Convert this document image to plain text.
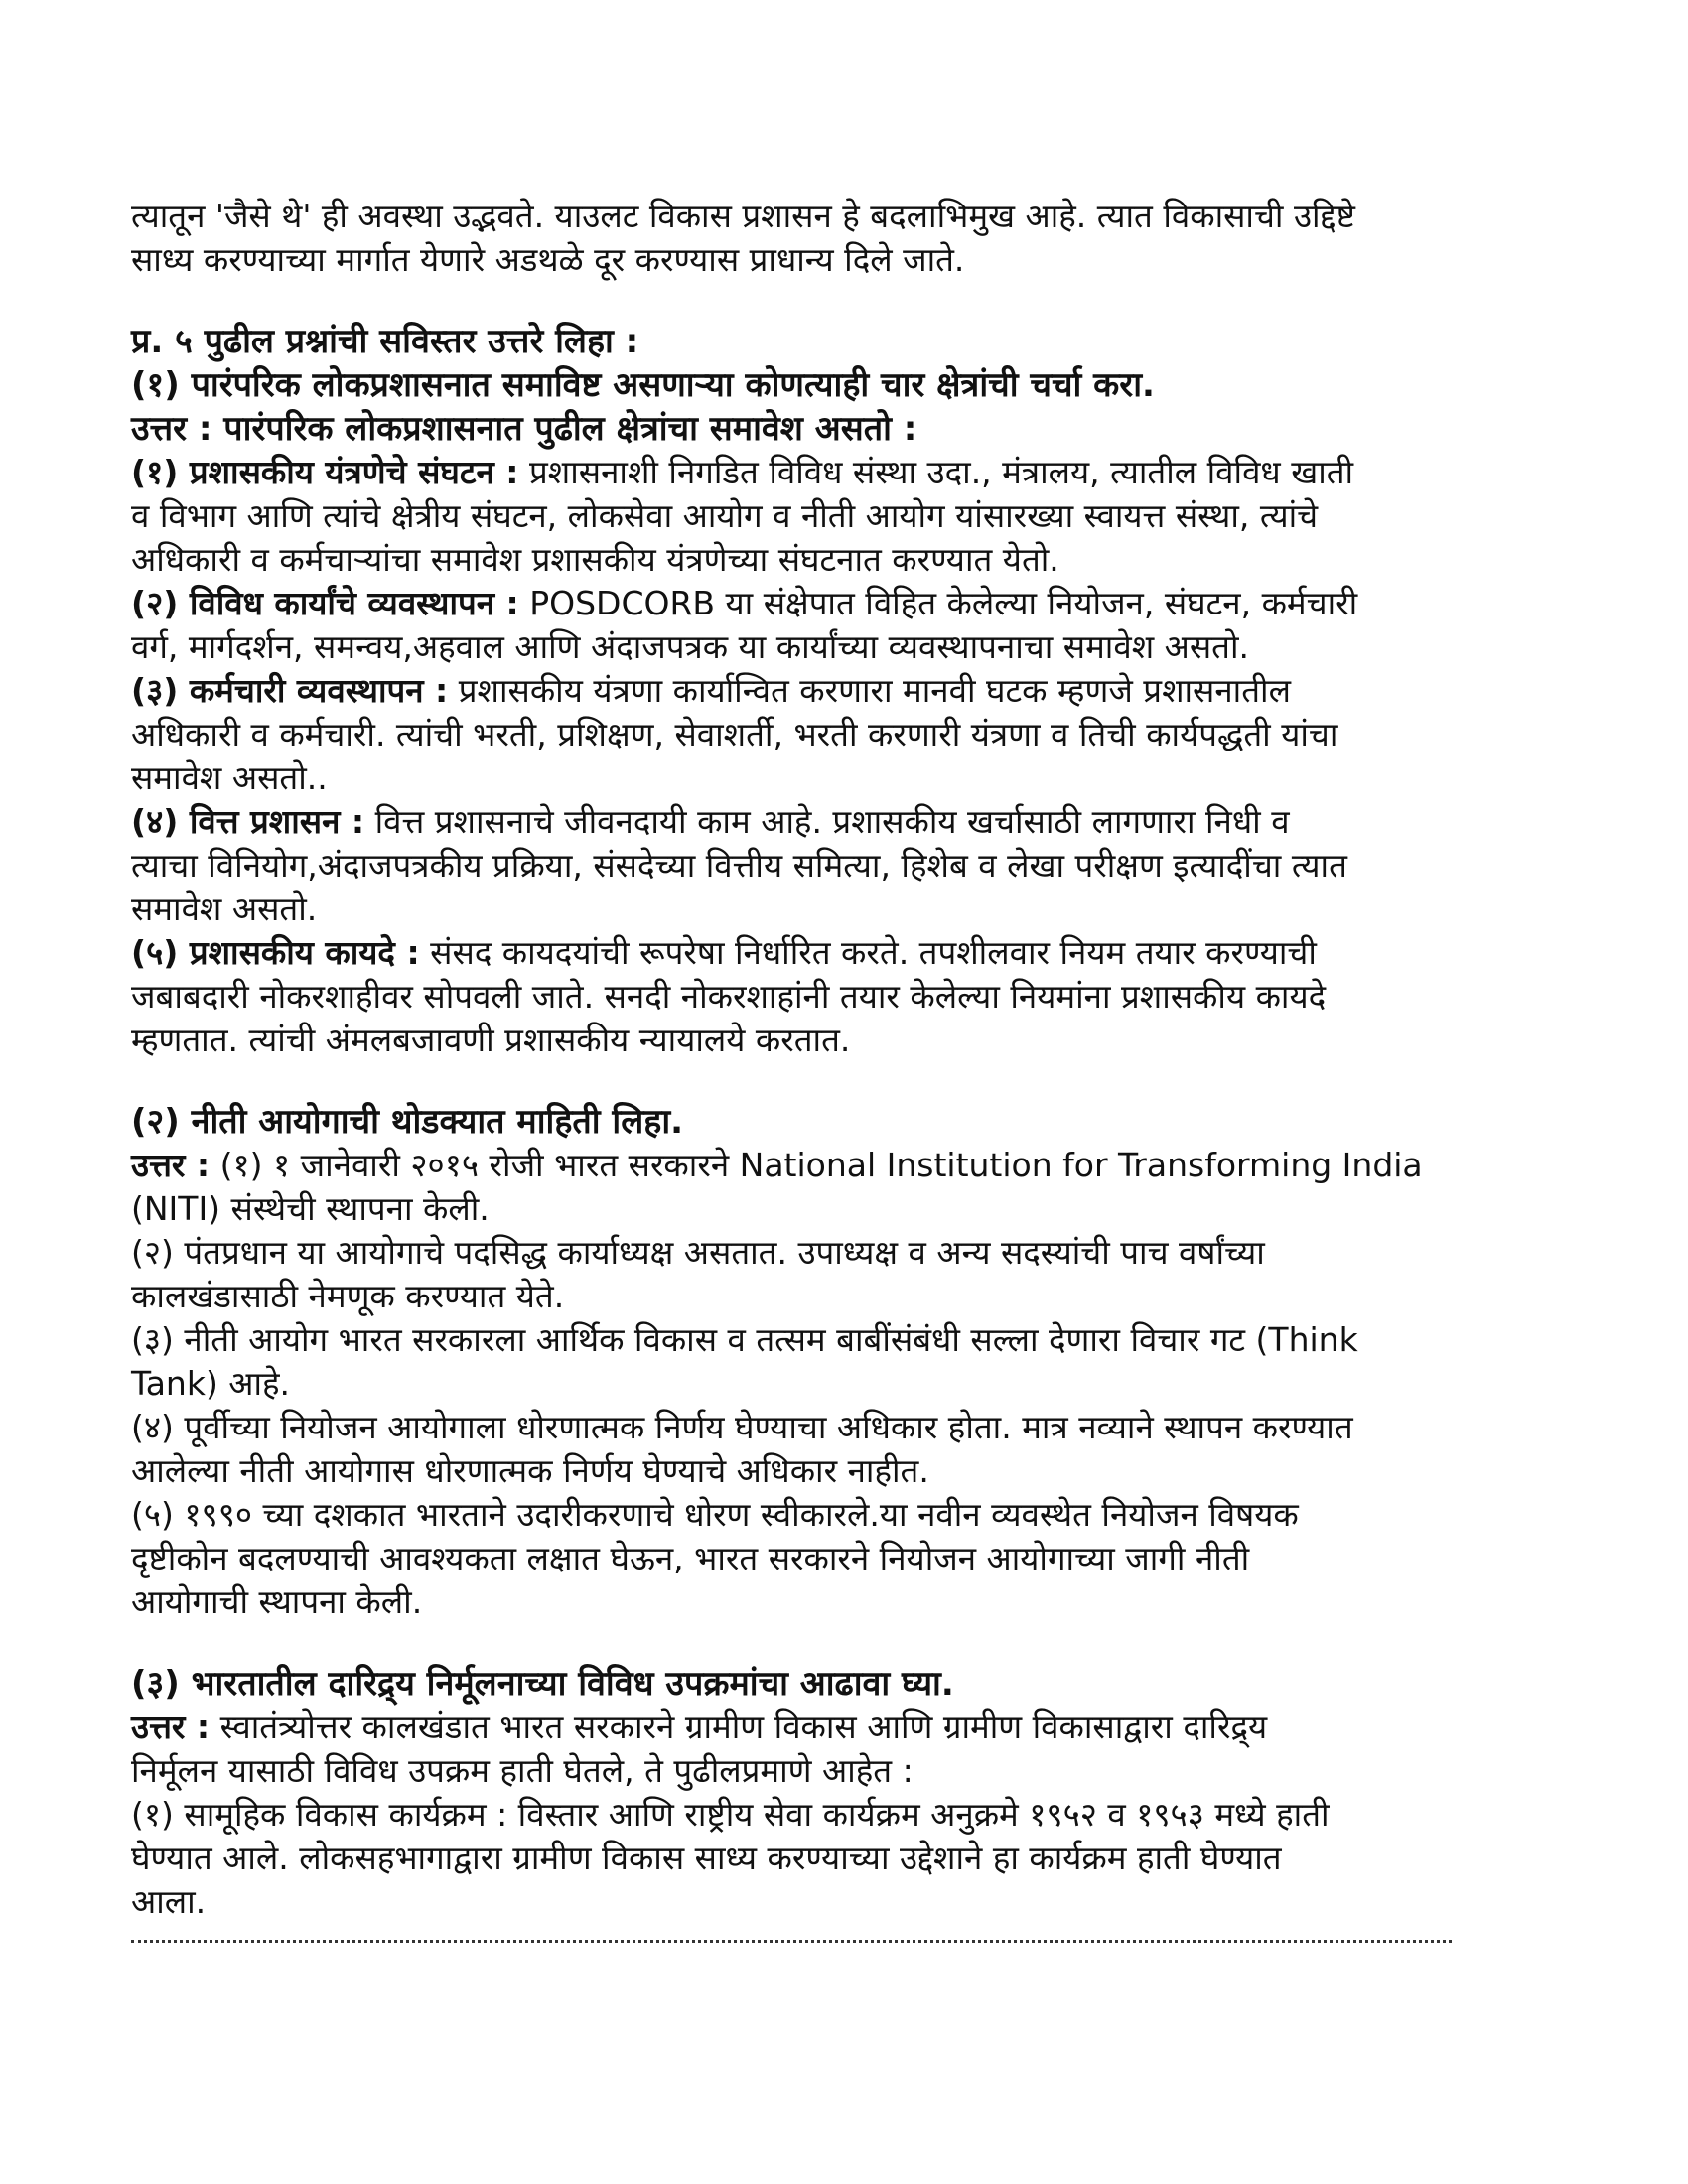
त्यातून 'जैसे थे' ही अवस्था उद्भवते. याउलट विकास प्रशासन हे बदलाभिमुख आहे. त्यात विकासाची उद्दिष्टे

साध्य करण्याच्या मार्गात येणारे अडथळे दूर करण्यास प्राधान्य दिले जाते.

प्र. ५ पुढील प्रश्नांची सविस्तर उत्तरे लिहा :

(१) पारंपरिक लोकप्रशासनात समाविष्ट असणाऱ्या कोणत्याही चार क्षेत्रांची चर्चा करा.

उत्तर : पारंपरिक लोकप्रशासनात पुढील क्षेत्रांचा समावेश असतो :

(१) प्रशासकीय यंत्रणेचे संघटन : प्रशासनाशी निगडित विविध संस्था उदा., मंत्रालय, त्यातील विविध खाती

व विभाग आणि त्यांचे क्षेत्रीय संघटन, लोकसेवा आयोग व नीती आयोग यांसारख्या स्वायत्त संस्था, त्यांचे

अधिकारी व कर्मचाऱ्यांचा समावेश प्रशासकीय यंत्रणेच्या संघटनात करण्यात येतो.

(२) विविध कार्यांचे व्यवस्थापन : POSDCORB या संक्षेपात विहित केलेल्या नियोजन, संघटन, कर्मचारी

वर्ग, मार्गदर्शन, समन्वय,अहवाल आणि अंदाजपत्रक या कार्यांच्या व्यवस्थापनाचा समावेश असतो.

(३) कर्मचारी व्यवस्थापन : प्रशासकीय यंत्रणा कार्यान्वित करणारा मानवी घटक म्हणजे प्रशासनातील

अधिकारी व कर्मचारी. त्यांची भरती, प्रशिक्षण, सेवाशर्ती, भरती करणारी यंत्रणा व तिची कार्यपद्धती यांचा

समावेश असतो..

(४) वित्त प्रशासन : वित्त प्रशासनाचे जीवनदायी काम आहे. प्रशासकीय खर्चासाठी लागणारा निधी व

त्याचा विनियोग,अंदाजपत्रकीय प्रक्रिया, संसदेच्या वित्तीय समित्या, हिशेब व लेखा परीक्षण इत्यादींचा त्यात

समावेश असतो.

(५) प्रशासकीय कायदे : संसद कायदयांची रूपरेषा निर्धारित करते. तपशीलवार नियम तयार करण्याची

जबाबदारी नोकरशाहीवर सोपवली जाते. सनदी नोकरशाहांनी तयार केलेल्या नियमांना प्रशासकीय कायदे

म्हणतात. त्यांची अंमलबजावणी प्रशासकीय न्यायालये करतात.

(२) नीती आयोगाची थोडक्यात माहिती लिहा.

उत्तर : (१) १ जानेवारी २०१५ रोजी भारत सरकारने National Institution for Transforming India

(NITI) संस्थेची स्थापना केली.

(२) पंतप्रधान या आयोगाचे पदसिद्ध कार्याध्यक्ष असतात. उपाध्यक्ष व अन्य सदस्यांची पाच वर्षांच्या

कालखंडासाठी नेमणूक करण्यात येते.

(३) नीती आयोग भारत सरकारला आर्थिक विकास व तत्सम बाबींसंबंधी सल्ला देणारा विचार गट (Think

Tank) आहे.

(४) पूर्वीच्या नियोजन आयोगाला धोरणात्मक निर्णय घेण्याचा अधिकार होता. मात्र नव्याने स्थापन करण्यात

आलेल्या नीती आयोगास धोरणात्मक निर्णय घेण्याचे अधिकार नाहीत.

(५) १९९० च्या दशकात भारताने उदारीकरणाचे धोरण स्वीकारले.या नवीन व्यवस्थेत नियोजन विषयक

दृष्टीकोन बदलण्याची आवश्यकता लक्षात घेऊन, भारत सरकारने नियोजन आयोगाच्या जागी नीती

आयोगाची स्थापना केली.

(३) भारतातील दारिद्र्य निर्मूलनाच्या विविध उपक्रमांचा आढावा घ्या.

उत्तर : स्वातंत्र्योत्तर कालखंडात भारत सरकारने ग्रामीण विकास आणि ग्रामीण विकासाद्वारा दारिद्र्य

निर्मूलन यासाठी विविध उपक्रम हाती घेतले, ते पुढीलप्रमाणे आहेत :

(१) सामूहिक विकास कार्यक्रम : विस्तार आणि राष्ट्रीय सेवा कार्यक्रम अनुक्रमे १९५२ व १९५३ मध्ये हाती

घेण्यात आले. लोकसहभागाद्वारा ग्रामीण विकास साध्य करण्याच्या उद्देशाने हा कार्यक्रम हाती घेण्यात

आला.
